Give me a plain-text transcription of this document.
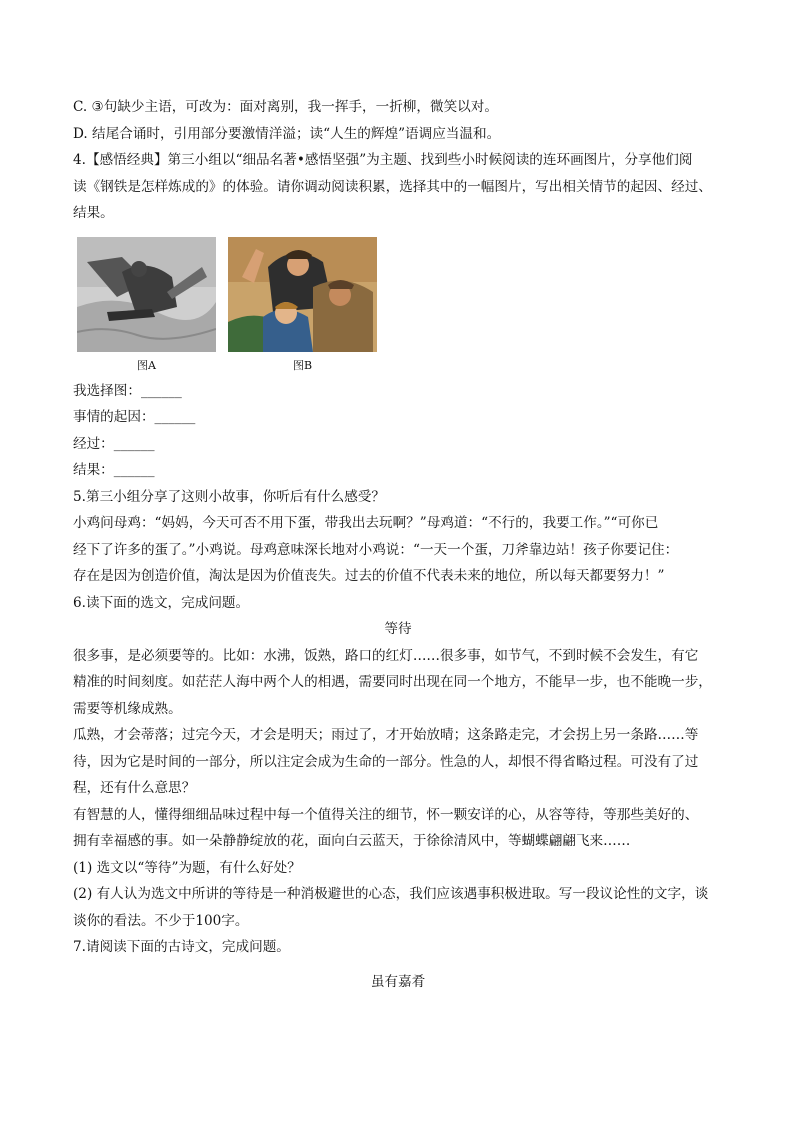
C. ③句缺少主语，可改为：面对离别，我一挥手，一折柳，微笑以对。
D. 结尾合诵时，引用部分要激情洋溢；读“人生的辉煌”语调应当温和。
4.【感悟经典】第三小组以“细品名著•感悟坚强”为主题、找到些小时候阅读的连环画图片，分享他们阅
读《钢铁是怎样炼成的》的体验。请你调动阅读积累，选择其中的一幅图片，写出相关情节的起因、经过、
结果。
图A	图B
我选择图：______
事情的起因：______
经过：______
结果：______
5.第三小组分享了这则小故事，你听后有什么感受？
小鸡问母鸡：“妈妈，今天可否不用下蛋，带我出去玩啊？”母鸡道：“不行的，我要工作。”“可你已
经下了许多的蛋了。”小鸡说。母鸡意味深长地对小鸡说：“一天一个蛋，刀斧靠边站！孩子你要记住：
存在是因为创造价值，淘汰是因为价值丧失。过去的价值不代表未来的地位，所以每天都要努力！”
6.读下面的选文，完成问题。
等待
很多事，是必须要等的。比如：水沸，饭熟，路口的红灯……很多事，如节气，不到时候不会发生，有它
精准的时间刻度。如茫茫人海中两个人的相遇，需要同时出现在同一个地方，不能早一步，也不能晚一步，
需要等机缘成熟。
瓜熟，才会蒂落；过完今天，才会是明天；雨过了，才开始放晴；这条路走完，才会拐上另一条路……等
待，因为它是时间的一部分，所以注定会成为生命的一部分。性急的人，却恨不得省略过程。可没有了过
程，还有什么意思？
有智慧的人，懂得细细品味过程中每一个值得关注的细节，怀一颗安详的心，从容等待，等那些美好的、
拥有幸福感的事。如一朵静静绽放的花，面向白云蓝天，于徐徐清风中，等蝴蝶翩翩飞来……
(1) 选文以“等待”为题，有什么好处？
(2) 有人认为选文中所讲的等待是一种消极避世的心态，我们应该遇事积极进取。写一段议论性的文字，谈
谈你的看法。不少于100字。
7.请阅读下面的古诗文，完成问题。
虽有嘉肴
